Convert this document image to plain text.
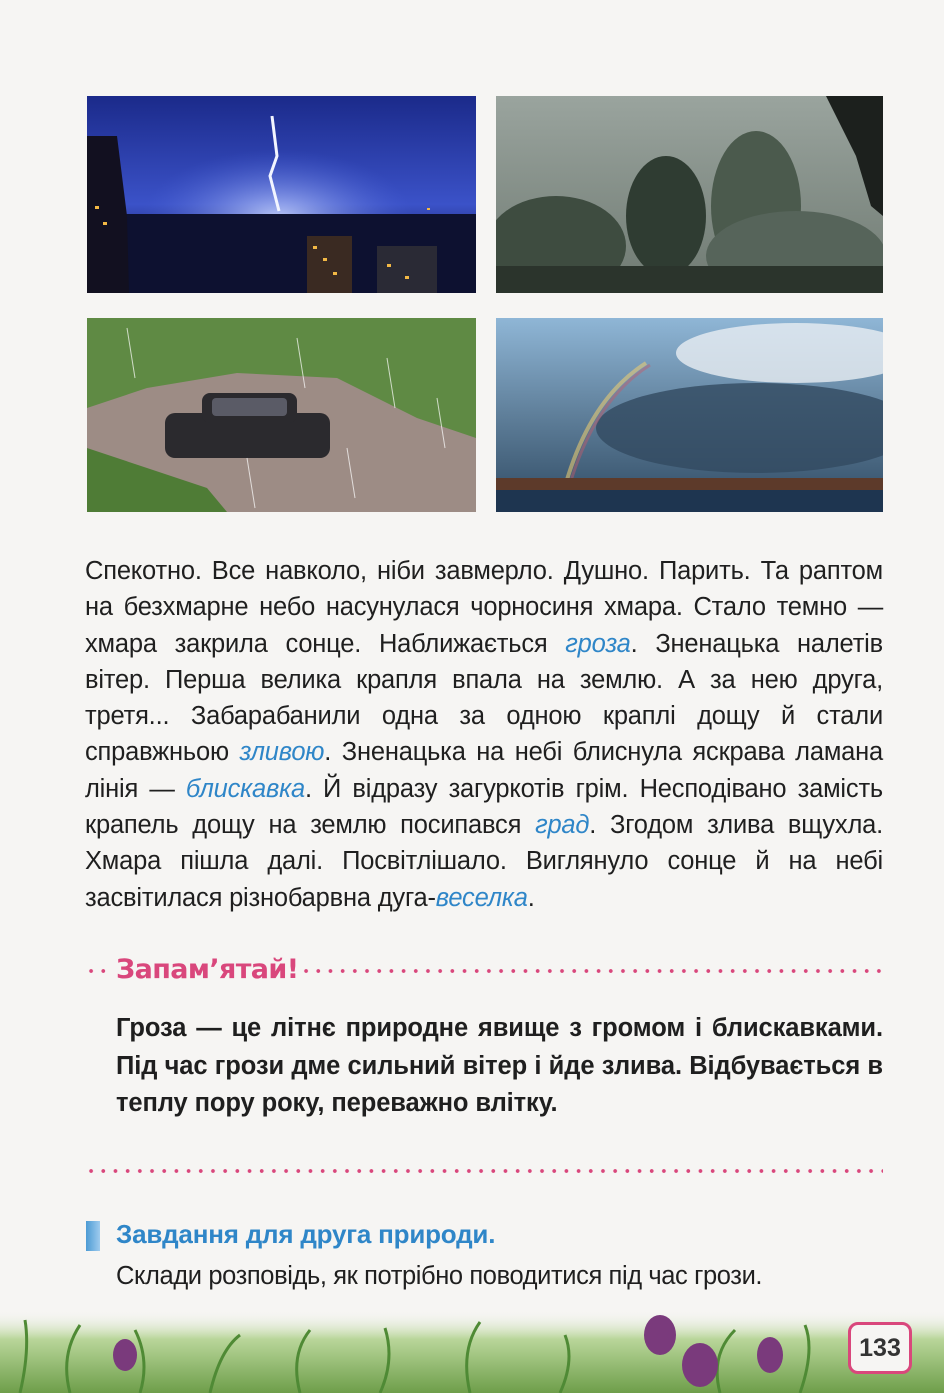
Спекотно. Все навколо, ніби завмерло. Душно. Парить. Та раптом на безхмарне небо насунулася чорносиня хмара. Стало темно — хмара закрила сонце. Наближається гроза. Зненацька налетів вітер. Перша велика крапля впала на землю. А за нею друга, третя... Забарабанили одна за одною краплі дощу й стали справжньою зливою. Зненацька на небі блиснула яскрава ламана лінія — блискавка. Й відразу загуркотів грім. Несподівано замість крапель дощу на землю посипався град. Згодом злива вщухла. Хмара пішла далі. Посвітлішало. Виглянуло сонце й на небі засвітилася різнобарвна дуга-веселка.

Запам’ятай!

Гроза — це літнє природне явище з громом і блискавками. Під час грози дме сильний вітер і йде злива. Відбувається в теплу пору року, переважно влітку.

Завдання для друга природи.

Склади розповідь, як потрібно поводитися під час грози.

133
